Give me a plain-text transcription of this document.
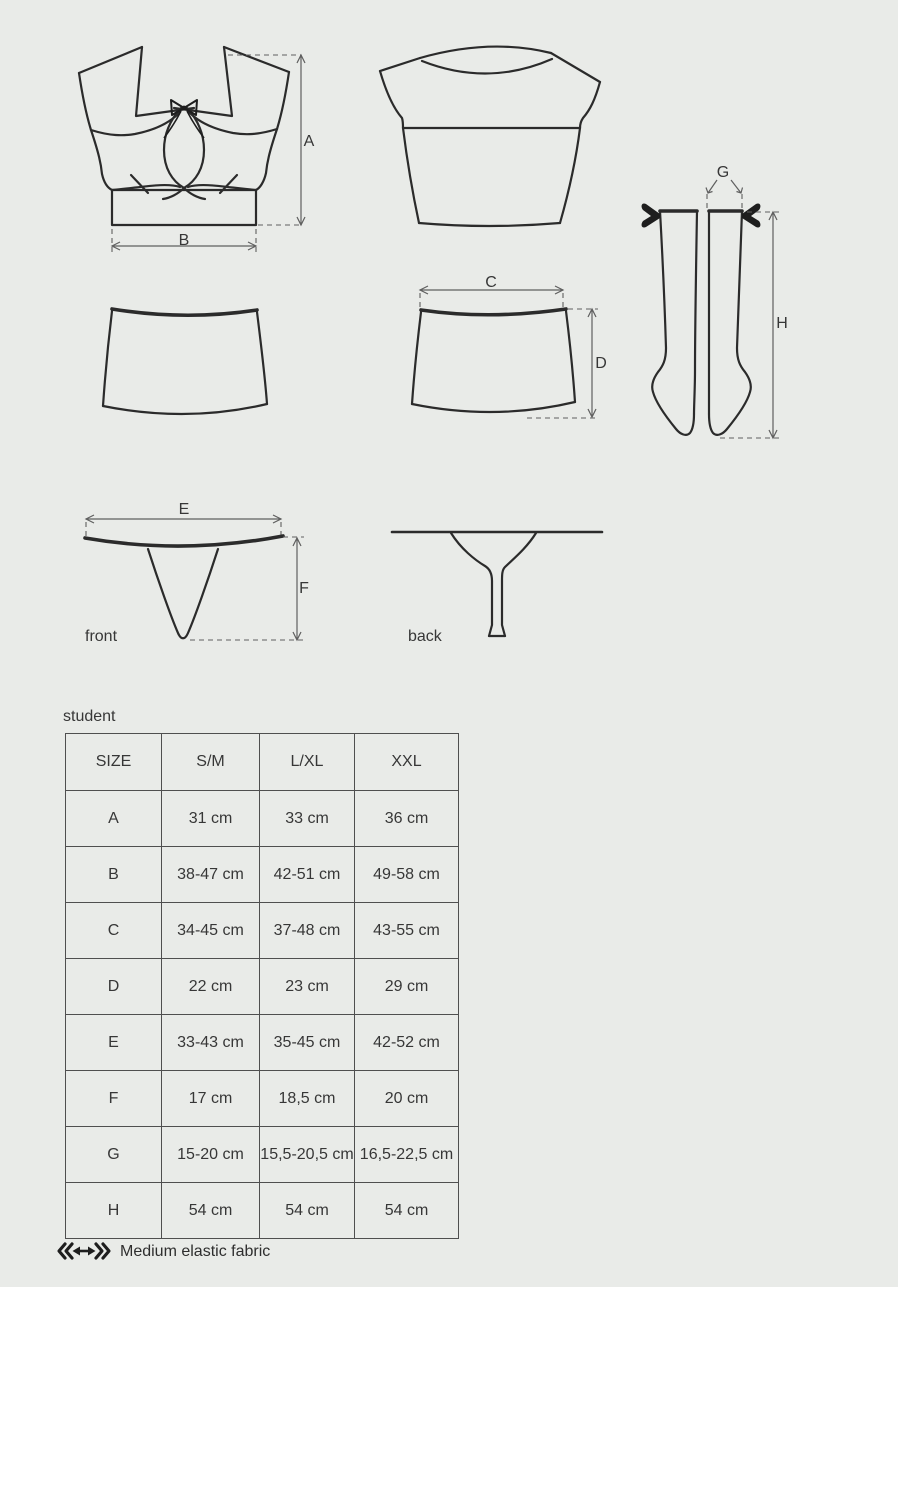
A
B
C
D
E
F
G
H
front	back
student
SIZE	S/M	L/XL	XXL
A	31 cm	33 cm	36 cm
B	38-47 cm	42-51 cm	49-58 cm
C	34-45 cm	37-48 cm	43-55 cm
D	22 cm	23 cm	29 cm
E	33-43 cm	35-45 cm	42-52 cm
F	17 cm	18,5 cm	20 cm
G	15-20 cm	15,5-20,5 cm	16,5-22,5 cm
H	54 cm	54 cm	54 cm
Medium elastic fabric
